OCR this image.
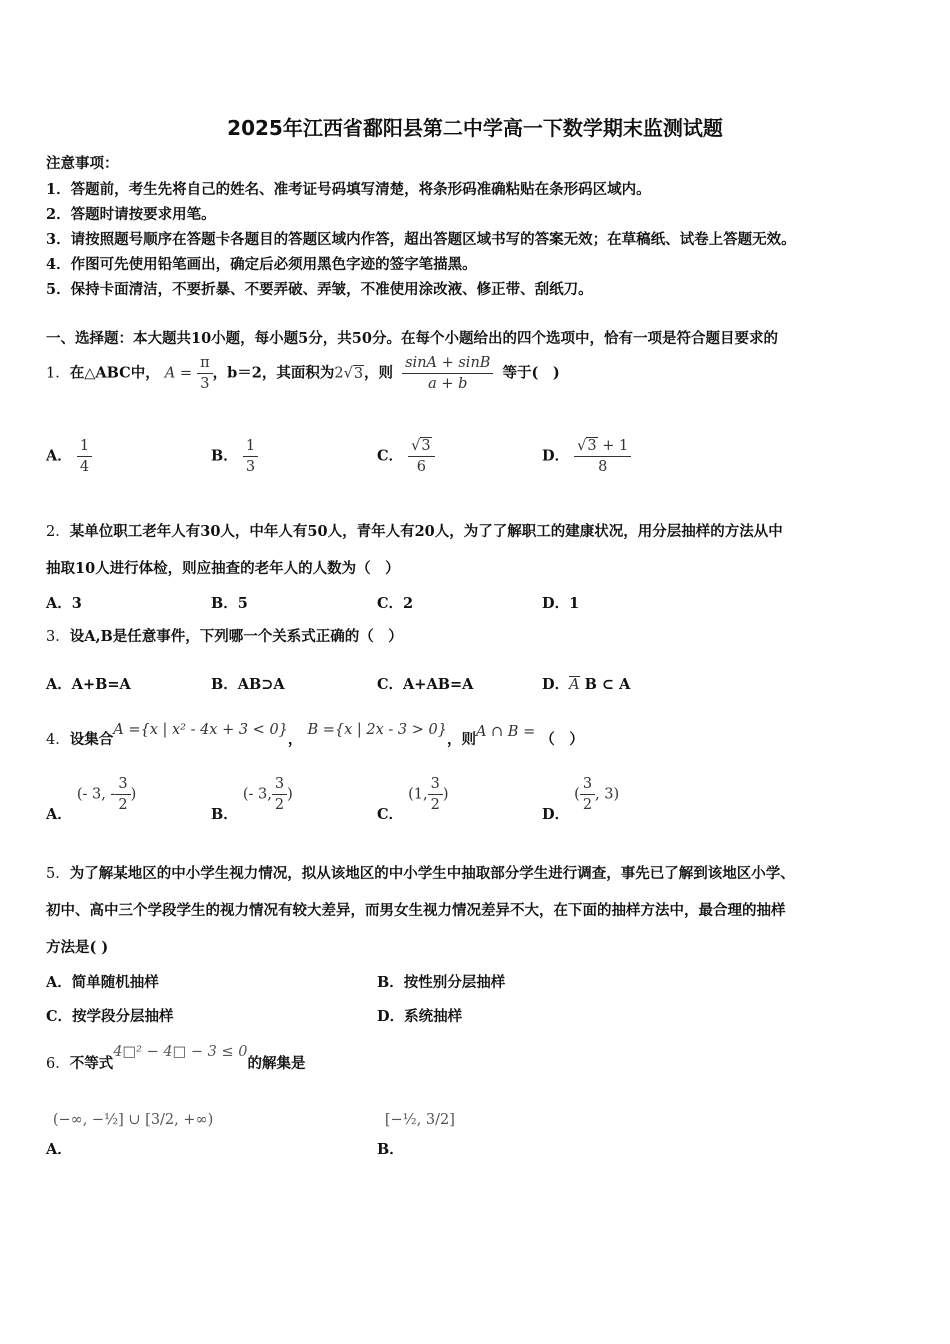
2025年江西省鄱阳县第二中学高一下数学期末监测试题
注意事项：
1．答题前，考生先将自己的姓名、准考证号码填写清楚，将条形码准确粘贴在条形码区域内。
2．答题时请按要求用笔。
3．请按照题号顺序在答题卡各题目的答题区域内作答，超出答题区域书写的答案无效；在草稿纸、试卷上答题无效。
4．作图可先使用铅笔画出，确定后必须用黑色字迹的签字笔描黑。
5．保持卡面清洁，不要折暴、不要弄破、弄皱，不准使用涂改液、修正带、刮纸刀。
一、选择题：本大题共10小题，每小题5分，共50分。在每个小题给出的四个选项中，恰有一项是符合题目要求的
1．在△ABC中， $A = \frac{\pi}{3}$ ，b＝2，其面积为2√3，则 $\frac{\sin A + \sin B}{a + b}$ 等于(　)
A． $\frac{1}{4}$	B． $\frac{1}{3}$	C． $\frac{√3}{6}$	D． $\frac{√3 + 1}{8}$
2．某单位职工老年人有30人，中年人有50人，青年人有20人，为了了解职工的建康状况，用分层抽样的方法从中
抽取10人进行体检，则应抽查的老年人的人数为（　）
A．3	B．5	C．2	D．1
3．设A,B是任意事件，下列哪一个关系式正确的（　）
A．A+B=A	B．AB⊃A	C．A+AB=A	D．A B ⊂ A
4．设集合A ={x | x² - 4x + 3 < 0}， B ={x | 2x - 3 > 0}，则A ∩ B = （　）
A． (- 3, - $\frac{3}{2}$ )
B． (- 3, $\frac{3}{2}$ )
C． (1, $\frac{3}{2}$ )
D． ( $\frac{3}{2}$ , 3)
5．为了解某地区的中小学生视力情况，拟从该地区的中小学生中抽取部分学生进行调查，事先已了解到该地区小学、
初中、高中三个学段学生的视力情况有较大差异，而男女生视力情况差异不大，在下面的抽样方法中，最合理的抽样
方法是( )
A．简单随机抽样	B．按性别分层抽样
C．按学段分层抽样	D．系统抽样
6．不等式4□² − 4□ − 3 ≤ 0的解集是
A． (−∞, −½] ∪ [3/2, +∞)
B． [−½, 3/2]
